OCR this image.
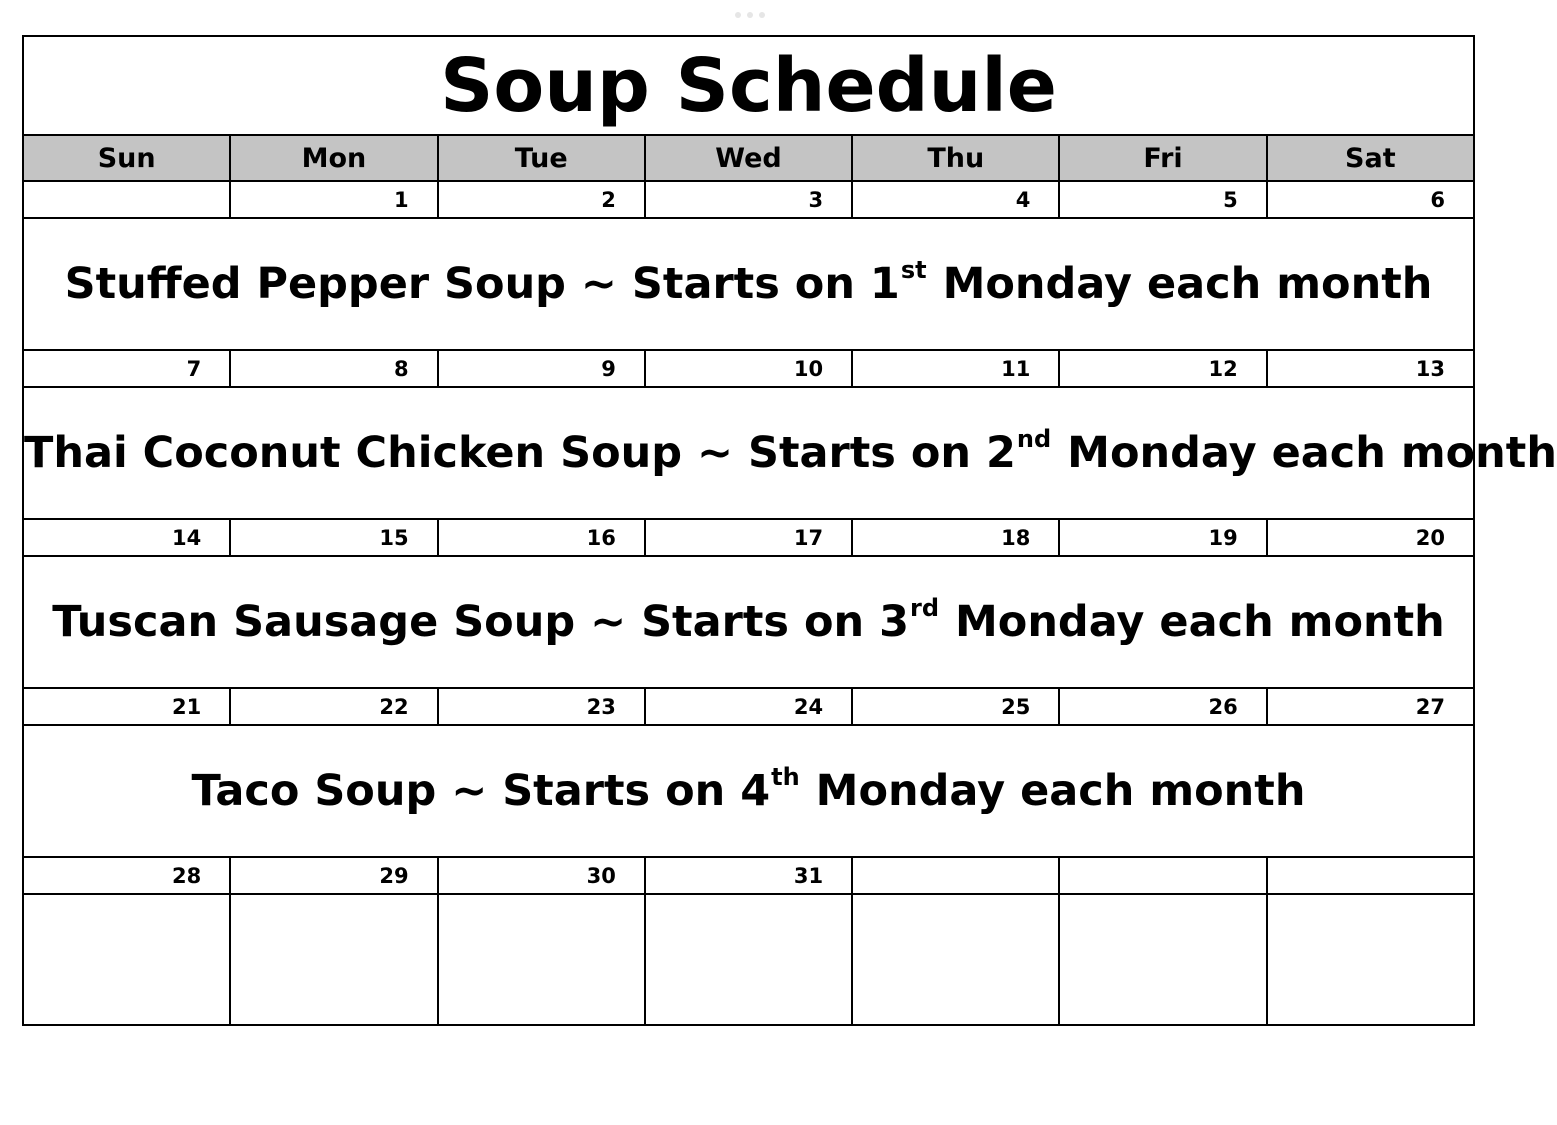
Soup Schedule						
Sun	Mon	Tue	Wed	Thu	Fri	Sat
	1	2	3	4	5	6
Stuffed Pepper Soup ~ Starts on 1st Monday each month						
7	8	9	10	11	12	13
Thai Coconut Chicken Soup ~ Starts on 2nd Monday each month						
14	15	16	17	18	19	20
Tuscan Sausage Soup ~ Starts on 3rd Monday each month						
21	22	23	24	25	26	27
Taco Soup ~ Starts on 4th Monday each month						
28	29	30	31			
